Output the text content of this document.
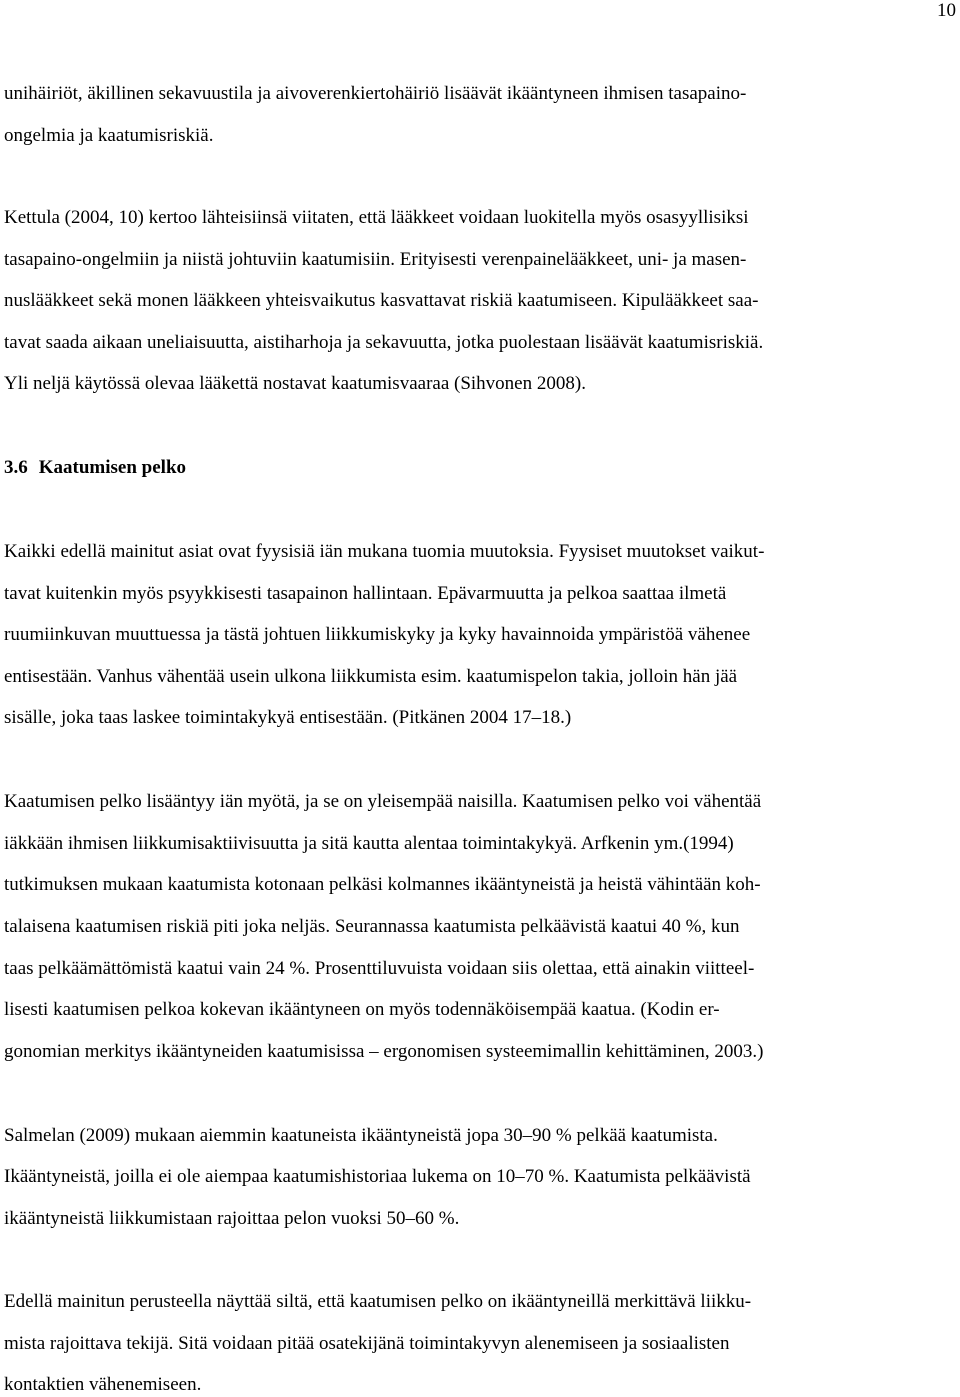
10
unihäiriöt, äkillinen sekavuustila ja aivoverenkiertohäiriö lisäävät ikääntyneen ihmisen tasapaino-
ongelmia ja kaatumisriskiä.
Kettula (2004, 10) kertoo lähteisiinsä viitaten, että lääkkeet voidaan luokitella myös osasyyllisiksi
tasapaino-ongelmiin ja niistä johtuviin kaatumisiin. Erityisesti verenpainelääkkeet, uni- ja masen-
nuslääkkeet sekä monen lääkkeen yhteisvaikutus kasvattavat riskiä kaatumiseen. Kipulääkkeet saa-
tavat saada aikaan uneliaisuutta, aistiharhoja ja sekavuutta, jotka puolestaan lisäävät kaatumisriskiä.
Yli neljä käytössä olevaa lääkettä nostavat kaatumisvaaraa (Sihvonen 2008).
3.6 Kaatumisen pelko
Kaikki edellä mainitut asiat ovat fyysisiä iän mukana tuomia muutoksia. Fyysiset muutokset vaikut-
tavat kuitenkin myös psyykkisesti tasapainon hallintaan. Epävarmuutta ja pelkoa saattaa ilmetä
ruumiinkuvan muuttuessa ja tästä johtuen liikkumiskyky ja kyky havainnoida ympäristöä vähenee
entisestään. Vanhus vähentää usein ulkona liikkumista esim. kaatumispelon takia, jolloin hän jää
sisälle, joka taas laskee toimintakykyä entisestään. (Pitkänen 2004 17–18.)
Kaatumisen pelko lisääntyy iän myötä, ja se on yleisempää naisilla. Kaatumisen pelko voi vähentää
iäkkään ihmisen liikkumisaktiivisuutta ja sitä kautta alentaa toimintakykyä. Arfkenin ym.(1994)
tutkimuksen mukaan kaatumista kotonaan pelkäsi kolmannes ikääntyneistä ja heistä vähintään koh-
talaisena kaatumisen riskiä piti joka neljäs. Seurannassa kaatumista pelkäävistä kaatui 40 %, kun
taas pelkäämättömistä kaatui vain 24 %. Prosenttiluvuista voidaan siis olettaa, että ainakin viitteel-
lisesti kaatumisen pelkoa kokevan ikääntyneen on myös todennäköisempää kaatua. (Kodin er-
gonomian merkitys ikääntyneiden kaatumisissa – ergonomisen systeemimallin kehittäminen, 2003.)
Salmelan (2009) mukaan aiemmin kaatuneista ikääntyneistä jopa 30–90 % pelkää kaatumista.
Ikääntyneistä, joilla ei ole aiempaa kaatumishistoriaa lukema on 10–70 %. Kaatumista pelkäävistä
ikääntyneistä liikkumistaan rajoittaa pelon vuoksi 50–60 %.
Edellä mainitun perusteella näyttää siltä, että kaatumisen pelko on ikääntyneillä merkittävä liikku-
mista rajoittava tekijä. Sitä voidaan pitää osatekijänä toimintakyvyn alenemiseen ja sosiaalisten
kontaktien vähenemiseen.
